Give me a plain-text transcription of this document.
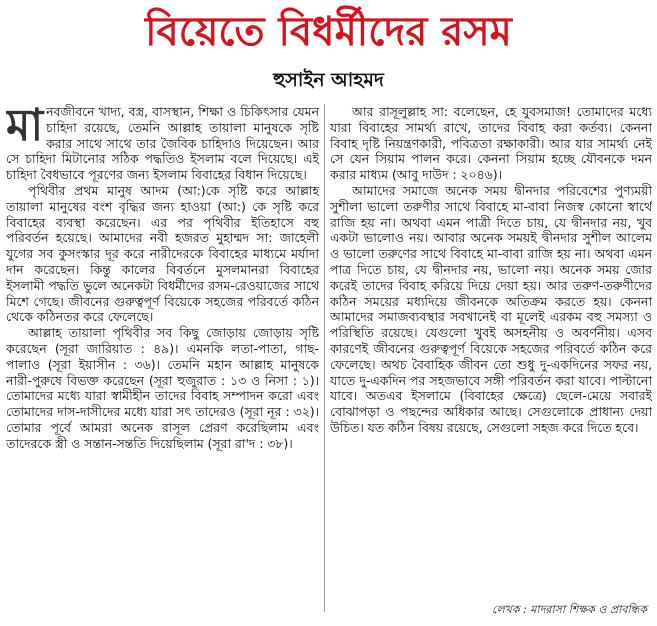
বিয়েতে বিধর্মীদের রসম
হুসাইন আহমদ

মানবজীবনে খাদ্য, বস্ত্র, বাসস্থান, শিক্ষা ও চিকিৎসার যেমন চাহিদা রয়েছে, তেমনি আল্লাহ তায়ালা মানুষকে সৃষ্টি করার সাথে সাথে তার জৈবিক চাহিদাও দিয়েছেন। আর সে চাহিদা মিটানোর সঠিক পদ্ধতিও ইসলাম বলে দিয়েছে। এই চাহিদা বৈধভাবে পূরণের জন্য ইসলাম বিবাহের বিধান দিয়েছে।

পৃথিবীর প্রথম মানুষ আদম (আ:)কে সৃষ্টি করে আল্লাহ তায়ালা মানুষের বংশ বৃদ্ধির জন্য হাওয়া (আ:) কে সৃষ্টি করে বিবাহের ব্যবস্থা করেছেন। এর পর পৃথিবীর ইতিহাসে বহু পরিবর্তন হয়েছে। আমাদের নবী হজরত মুহাম্মদ সা: জাহেলী যুগের সব কুসংস্কার দূর করে নারীদেরকে বিবাহের মাধ্যমে মর্যাদা দান করেছেন। কিন্তু কালের বিবর্তনে মুসলমানরা বিবাহের ইসলামী পদ্ধতি ভুলে অনেকটা বিধর্মীদের রসম-রেওয়াজের সাথে মিশে গেছে। জীবনের গুরুত্বপূর্ণ বিয়েকে সহজের পরিবর্তে কঠিন থেকে কঠিনতর করে ফেলেছে।

আল্লাহ তায়ালা পৃথিবীর সব কিছু জোড়ায় জোড়ায় সৃষ্টি করেছেন (সূরা জারিয়াত : ৪৯)। এমনকি লতা-পাতা, গাছ-পালাও (সূরা ইয়াসীন : ৩৬)। তেমনি মহান আল্লাহ মানুষকে নারী-পুরুষে বিভক্ত করেছেন (সূরা হুজুরাত : ১৩ ও নিসা : ১)। তোমাদের মধ্যে যারা স্বামীহীন তাদের বিবাহ সম্পাদন করো এবং তোমাদের দাস-দাসীদের মধ্যে যারা সৎ তাদেরও (সূরা নূর : ৩২)। তোমার পূর্বে আমরা অনেক রাসূল প্রেরণ করেছিলাম এবং তাদেরকে স্ত্রী ও সন্তান-সন্ততি দিয়েছিলাম (সূরা রা'দ : ৩৮)।

আর রাসূলুল্লাহ সা: বলেছেন, হে যুবসমাজ! তোমাদের মধ্যে যারা বিবাহের সামর্থ্য রাখে, তাদের বিবাহ করা কর্তব্য। কেননা বিবাহ দৃষ্টি নিয়ন্ত্রণকারী, পবিত্রতা রক্ষাকারী। আর যার সামর্থ্য নেই সে যেন সিয়াম পালন করে। কেননা সিয়াম হচ্ছে যৌবনকে দমন করার মাধ্যম (আবু দাউদ : ২০৪৬)।

আমাদের সমাজে অনেক সময় দ্বীনদার পরিবেশের পুণ্যময়ী সুশীলা ভালো তরুণীর সাথে বিবাহে মা-বাবা নিজস্ব কোনো স্বার্থে রাজি হয় না। অথবা এমন পাত্রী দিতে চায়, যে দ্বীনদার নয়, খুব একটা ভালোও নয়। আবার অনেক সময়ই দ্বীনদার সুশীল আলেম ও ভালো তরুণের সাথে বিবাহে মা-বাবা রাজি হয় না। অথবা এমন পাত্র দিতে চায়, যে দ্বীনদার নয়, ভালো নয়। অনেক সময় জোর করেই তাদের বিবাহ করিয়ে দিয়ে দেয়া হয়। আর তরুণ-তরুণীদের কঠিন সময়ের মধ্যদিয়ে জীবনকে অতিক্রম করতে হয়। কেননা আমাদের সমাজব্যবস্থার সবখানেই বা মূলেই এরকম বহু সমস্যা ও পরিস্থিতি রয়েছে। যেগুলো খুবই অসহনীয় ও অবর্ণনীয়। এসব কারণেই জীবনের গুরুত্বপূর্ণ বিয়েকে সহজের পরিবর্তে কঠিন করে ফেলেছে। অথচ বৈবাহিক জীবন তো শুধু দু-একদিনের সফর নয়, যাতে দু-একদিন পর সহজভাবে সঙ্গী পরিবর্তন করা যাবে। পাল্টানো যাবে। অতএব ইসলামে (বিবাহের ক্ষেত্রে) ছেলে-মেয়ে সবারই বোঝাপড়া ও পছন্দের অধিকার আছে। সেগুলোকে প্রাধান্য দেয়া উচিত। যত কঠিন বিষয় রয়েছে, সেগুলো সহজ করে দিতে হবে।

লেখক : মাদরাসা শিক্ষক ও প্রাবন্ধিক
